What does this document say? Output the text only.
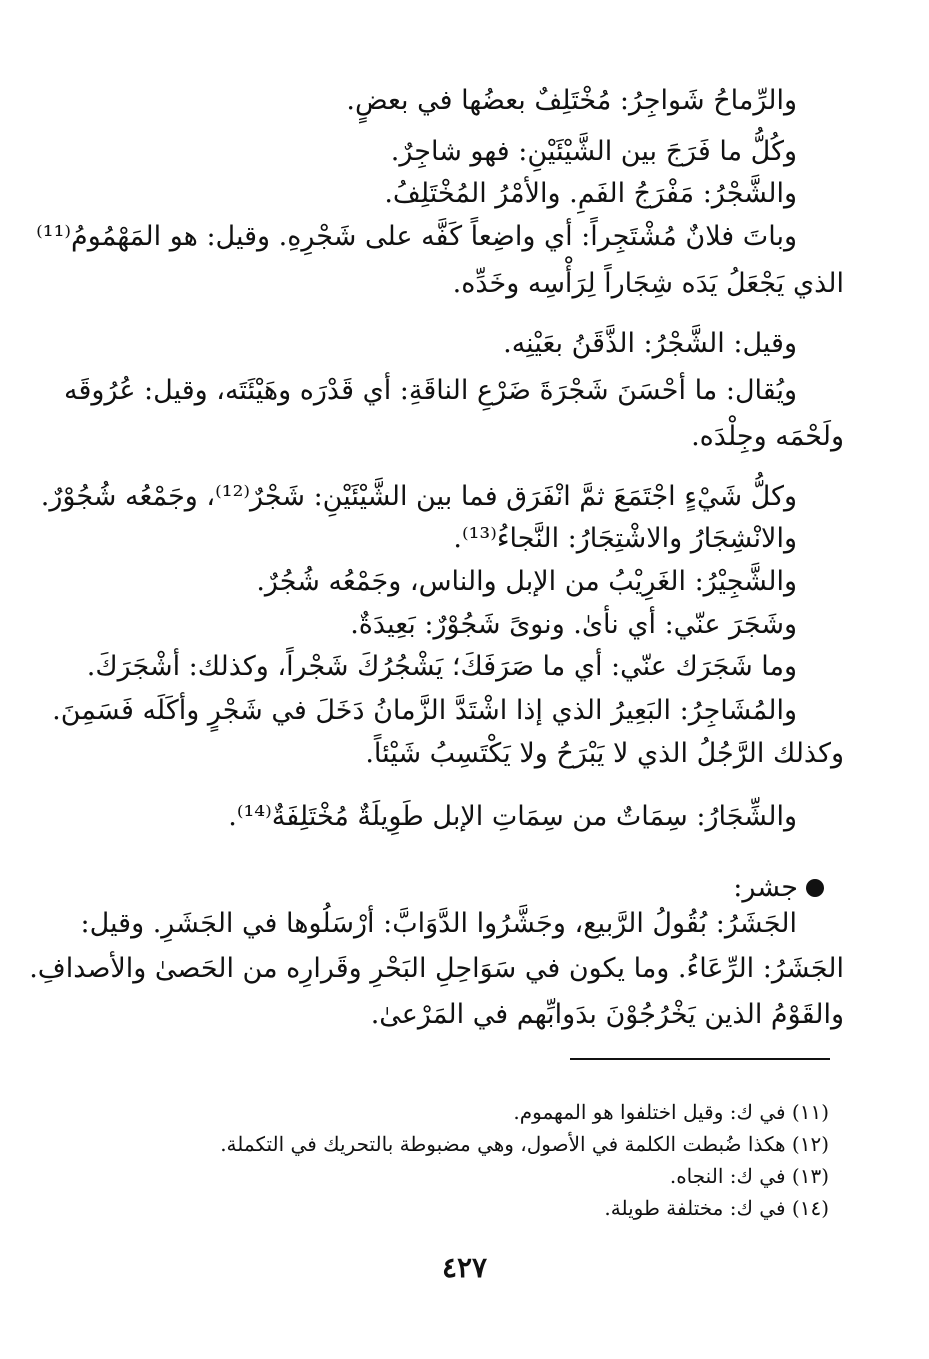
والرِّماحُ شَواجِرُ: مُخْتَلِفٌ بعضُها في بعضٍ.
وكُلُّ ما فَرَجَ بين الشَّيْئَيْنِ: فهو شاجِرٌ.
والشَّجْرُ: مَفْرَجُ الفَمِ. والأمْرُ المُخْتَلِفُ.
وباتَ فلانٌ مُشْتَجِراً: أي واضِعاً كَفَّه على شَجْرِهِ. وقيل: هو المَهْمُومُ⁽¹¹⁾
الذي يَجْعَلُ يَدَه شِجَاراً لِرَأْسِه وخَدِّه.
وقيل: الشَّجْرُ: الذَّقَنُ بعَيْنِه.
ويُقال: ما أحْسَنَ شَجْرَةَ ضَرْعِ الناقَةِ: أي قَدْرَه وهَيْئَتَه، وقيل: عُرُوقَه
ولَحْمَه وجِلْدَه.
وكلُّ شَيْءٍ اجْتَمَعَ ثمَّ انْفَرَق فما بين الشَّيْئَيْنِ: شَجْرٌ⁽¹²⁾، وجَمْعُه شُجُوْرٌ.
والانْشِجَارُ والاشْتِجَارُ: النَّجاءُ⁽¹³⁾.
والشَّجِيْرُ: الغَرِيْبُ من الإبل والناس، وجَمْعُه شُجُرٌ.
وشَجَرَ عنّي: أي نأىٰ. ونوىً شَجُوْرٌ: بَعِيدَةٌ.
وما شَجَرَك عنّي: أي ما صَرَفَكَ؛ يَشْجُرُكَ شَجْراً، وكذلك: أشْجَرَكَ.
والمُشَاجِرُ: البَعِيرُ الذي إذا اشْتَدَّ الزَّمانُ دَخَلَ في شَجْرٍ وأكَلَه فَسَمِنَ.
وكذلك الرَّجُلُ الذي لا يَبْرَحُ ولا يَكْتَسِبُ شَيْئاً.
والشِّجَارُ: سِمَاتٌ من سِمَاتِ الإبل طَوِيلَةٌ مُخْتَلِفَةٌ⁽¹⁴⁾.
جشر:
الجَشَرُ: بُقُولُ الرَّبيع، وجَشَّرُوا الدَّوَابَّ: أرْسَلُوها في الجَشَرِ. وقيل:
الجَشَرُ: الرِّعَاءُ. وما يكون في سَوَاحِلِ البَحْرِ وقَرارِه من الحَصىٰ والأصدافِ.
والقَوْمُ الذين يَخْرُجُوْنَ بدَوابِّهم في المَرْعىٰ.
(١١) في ك: وقيل اختلفوا هو المهموم.
(١٢) هكذا ضُبطت الكلمة في الأصول، وهي مضبوطة بالتحريك في التكملة.
(١٣) في ك: النجاه.
(١٤) في ك: مختلفة طويلة.
٤٢٧
